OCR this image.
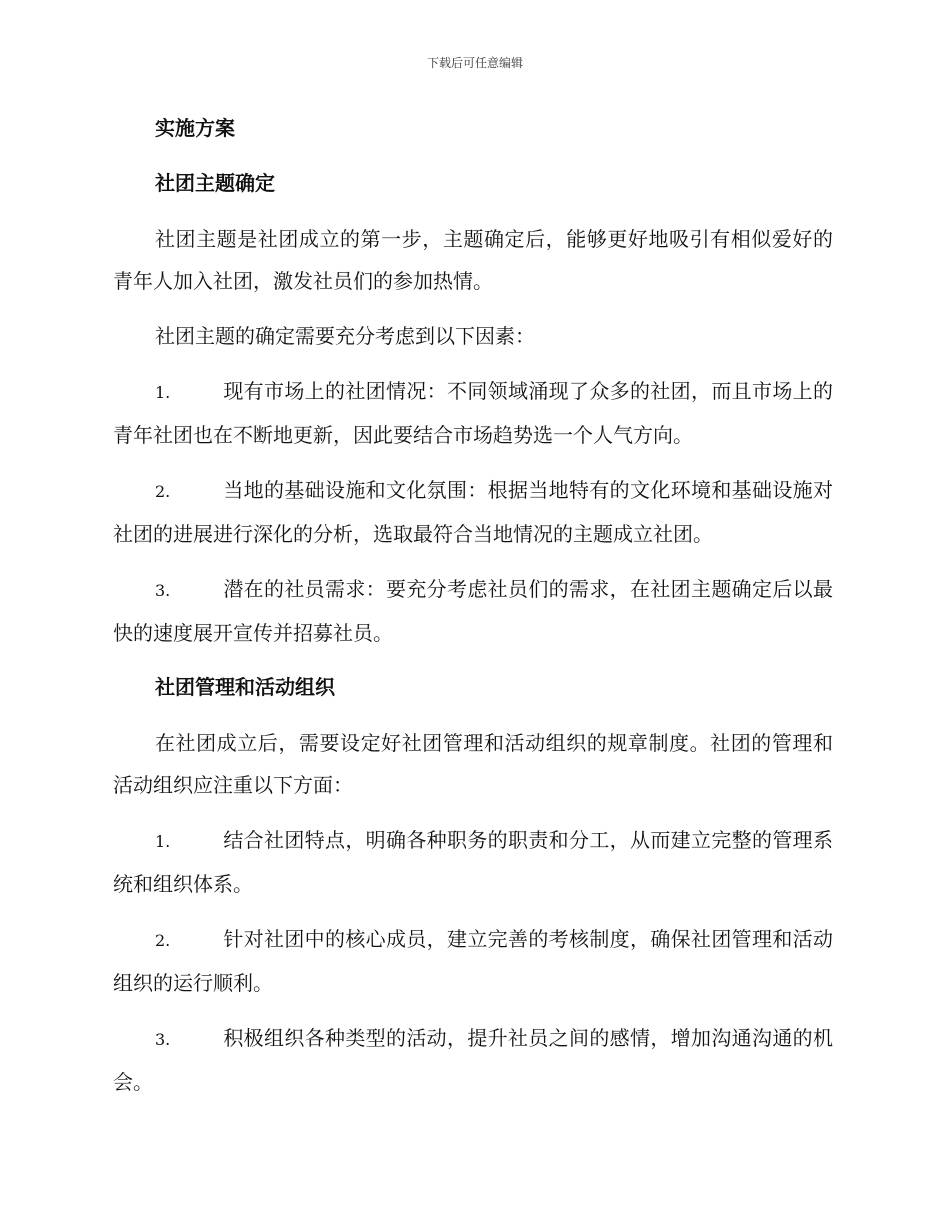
下载后可任意编辑
实施方案
社团主题确定

社团主题是社团成立的第一步，主题确定后，能够更好地吸引有相似爱好的青年人加入社团，激发社员们的参加热情。

社团主题的确定需要充分考虑到以下因素：

1.	现有市场上的社团情况：不同领域涌现了众多的社团，而且市场上的青年社团也在不断地更新，因此要结合市场趋势选一个人气方向。

2.	当地的基础设施和文化氛围：根据当地特有的文化环境和基础设施对社团的进展进行深化的分析，选取最符合当地情况的主题成立社团。

3.	潜在的社员需求：要充分考虑社员们的需求，在社团主题确定后以最快的速度展开宣传并招募社员。

社团管理和活动组织

在社团成立后，需要设定好社团管理和活动组织的规章制度。社团的管理和活动组织应注重以下方面：

1.	结合社团特点，明确各种职务的职责和分工，从而建立完整的管理系统和组织体系。

2.	针对社团中的核心成员，建立完善的考核制度，确保社团管理和活动组织的运行顺利。

3.	积极组织各种类型的活动，提升社员之间的感情，增加沟通沟通的机会。
